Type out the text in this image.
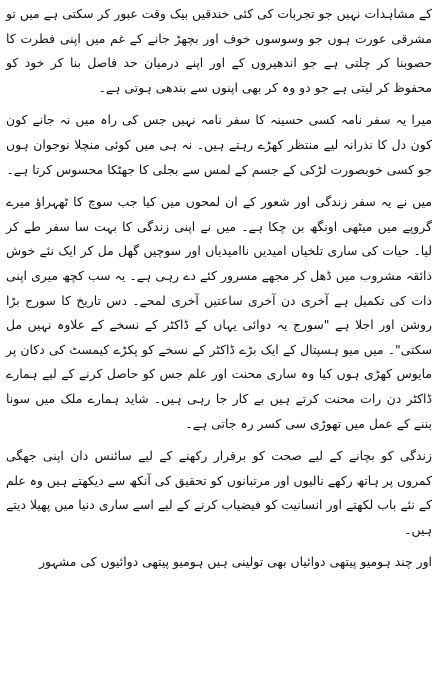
کے مشاہدات نہیں جو تجربات کی کئی خندقیں بیک وقت عبور کر سکتی ہے میں تو مشرقی عورت ہوں جو وسوسوں خوف اور بچھڑ جانے کے غم میں اپنی فطرت کا حصوبنا کر چلتی ہے جو اندھیروں کے اور اپنے درمیان حد فاصل بنا کر خود کو محفوظ کر لیتی ہے جو دو وہ کر بھی اپنوں سے بندھی ہوتی ہے۔

میرا یہ سفر نامہ کسی حسینہ کا سفر نامہ نہیں جس کی راہ میں نہ جانے کون کون دل کا نذرانہ لیے منتظر کھڑے رہتے ہیں۔ نہ ہی میں کوئی منچلا نوجوان ہوں جو کسی خوبصورت لڑکی کے جسم کے لمس سے بجلی کا جھٹکا محسوس کرتا ہے۔

میں نے یہ سفر زندگی اور شعور کے ان لمحوں میں کیا جب سوچ کا ٹھہراؤ میرے گروپے میں میٹھی اونگھ بن چکا ہے۔ میں نے اپنی زندگی کا بہت سا سفر طے کر لیا۔ حیات کی ساری تلخیاں امیدیں ناامیدیاں اور سوچیں گھل مل کر ایک نئے خوش ذائقہ مشروب میں ڈھل کر مجھے مسرور کئے دے رہی ہے۔ یہ سب کچھ میری اپنی ذات کی تکمیل ہے آخری دن آخری ساعتیں آخری لمحے۔ دس تاریخ کا سورج بڑا روشن اور اجلا ہے "سورج یہ دوائی یہاں کے ڈاکٹر کے نسخے کے علاوہ نہیں مل سکتی"۔ میں میو ہسپتال کے ایک بڑے ڈاکٹر کے نسخے کو پکڑے کیمسٹ کی دکان پر مایوس کھڑی ہوں کیا وہ ساری محنت اور علم جس کو حاصل کرنے کے لیے ہمارے ڈاکٹر دن رات محنت کرتے ہیں بے کار جا رہی ہیں۔ شاید ہمارے ملک میں سونا بننے کے عمل میں تھوڑی سی کسر رہ جاتی ہے۔

زندگی کو بچانے کے لیے صحت کو برقرار رکھنے کے لیے سائنس دان اپنی جھگی کمروں پر ہاتھ رکھے نالیوں اور مرتبانوں کو تحقیق کی آنکھ سے دیکھتے ہیں وہ علم کے نئے باب لکھتے اور انسانیت کو فیضیاب کرنے کے لیے اسے ساری دنیا میں پھیلا دیتے ہیں۔

اور چند ہومیو پیتھی دوائیاں بھی تولینی ہیں ہومیو پیتھی دوائیوں کی مشہور
